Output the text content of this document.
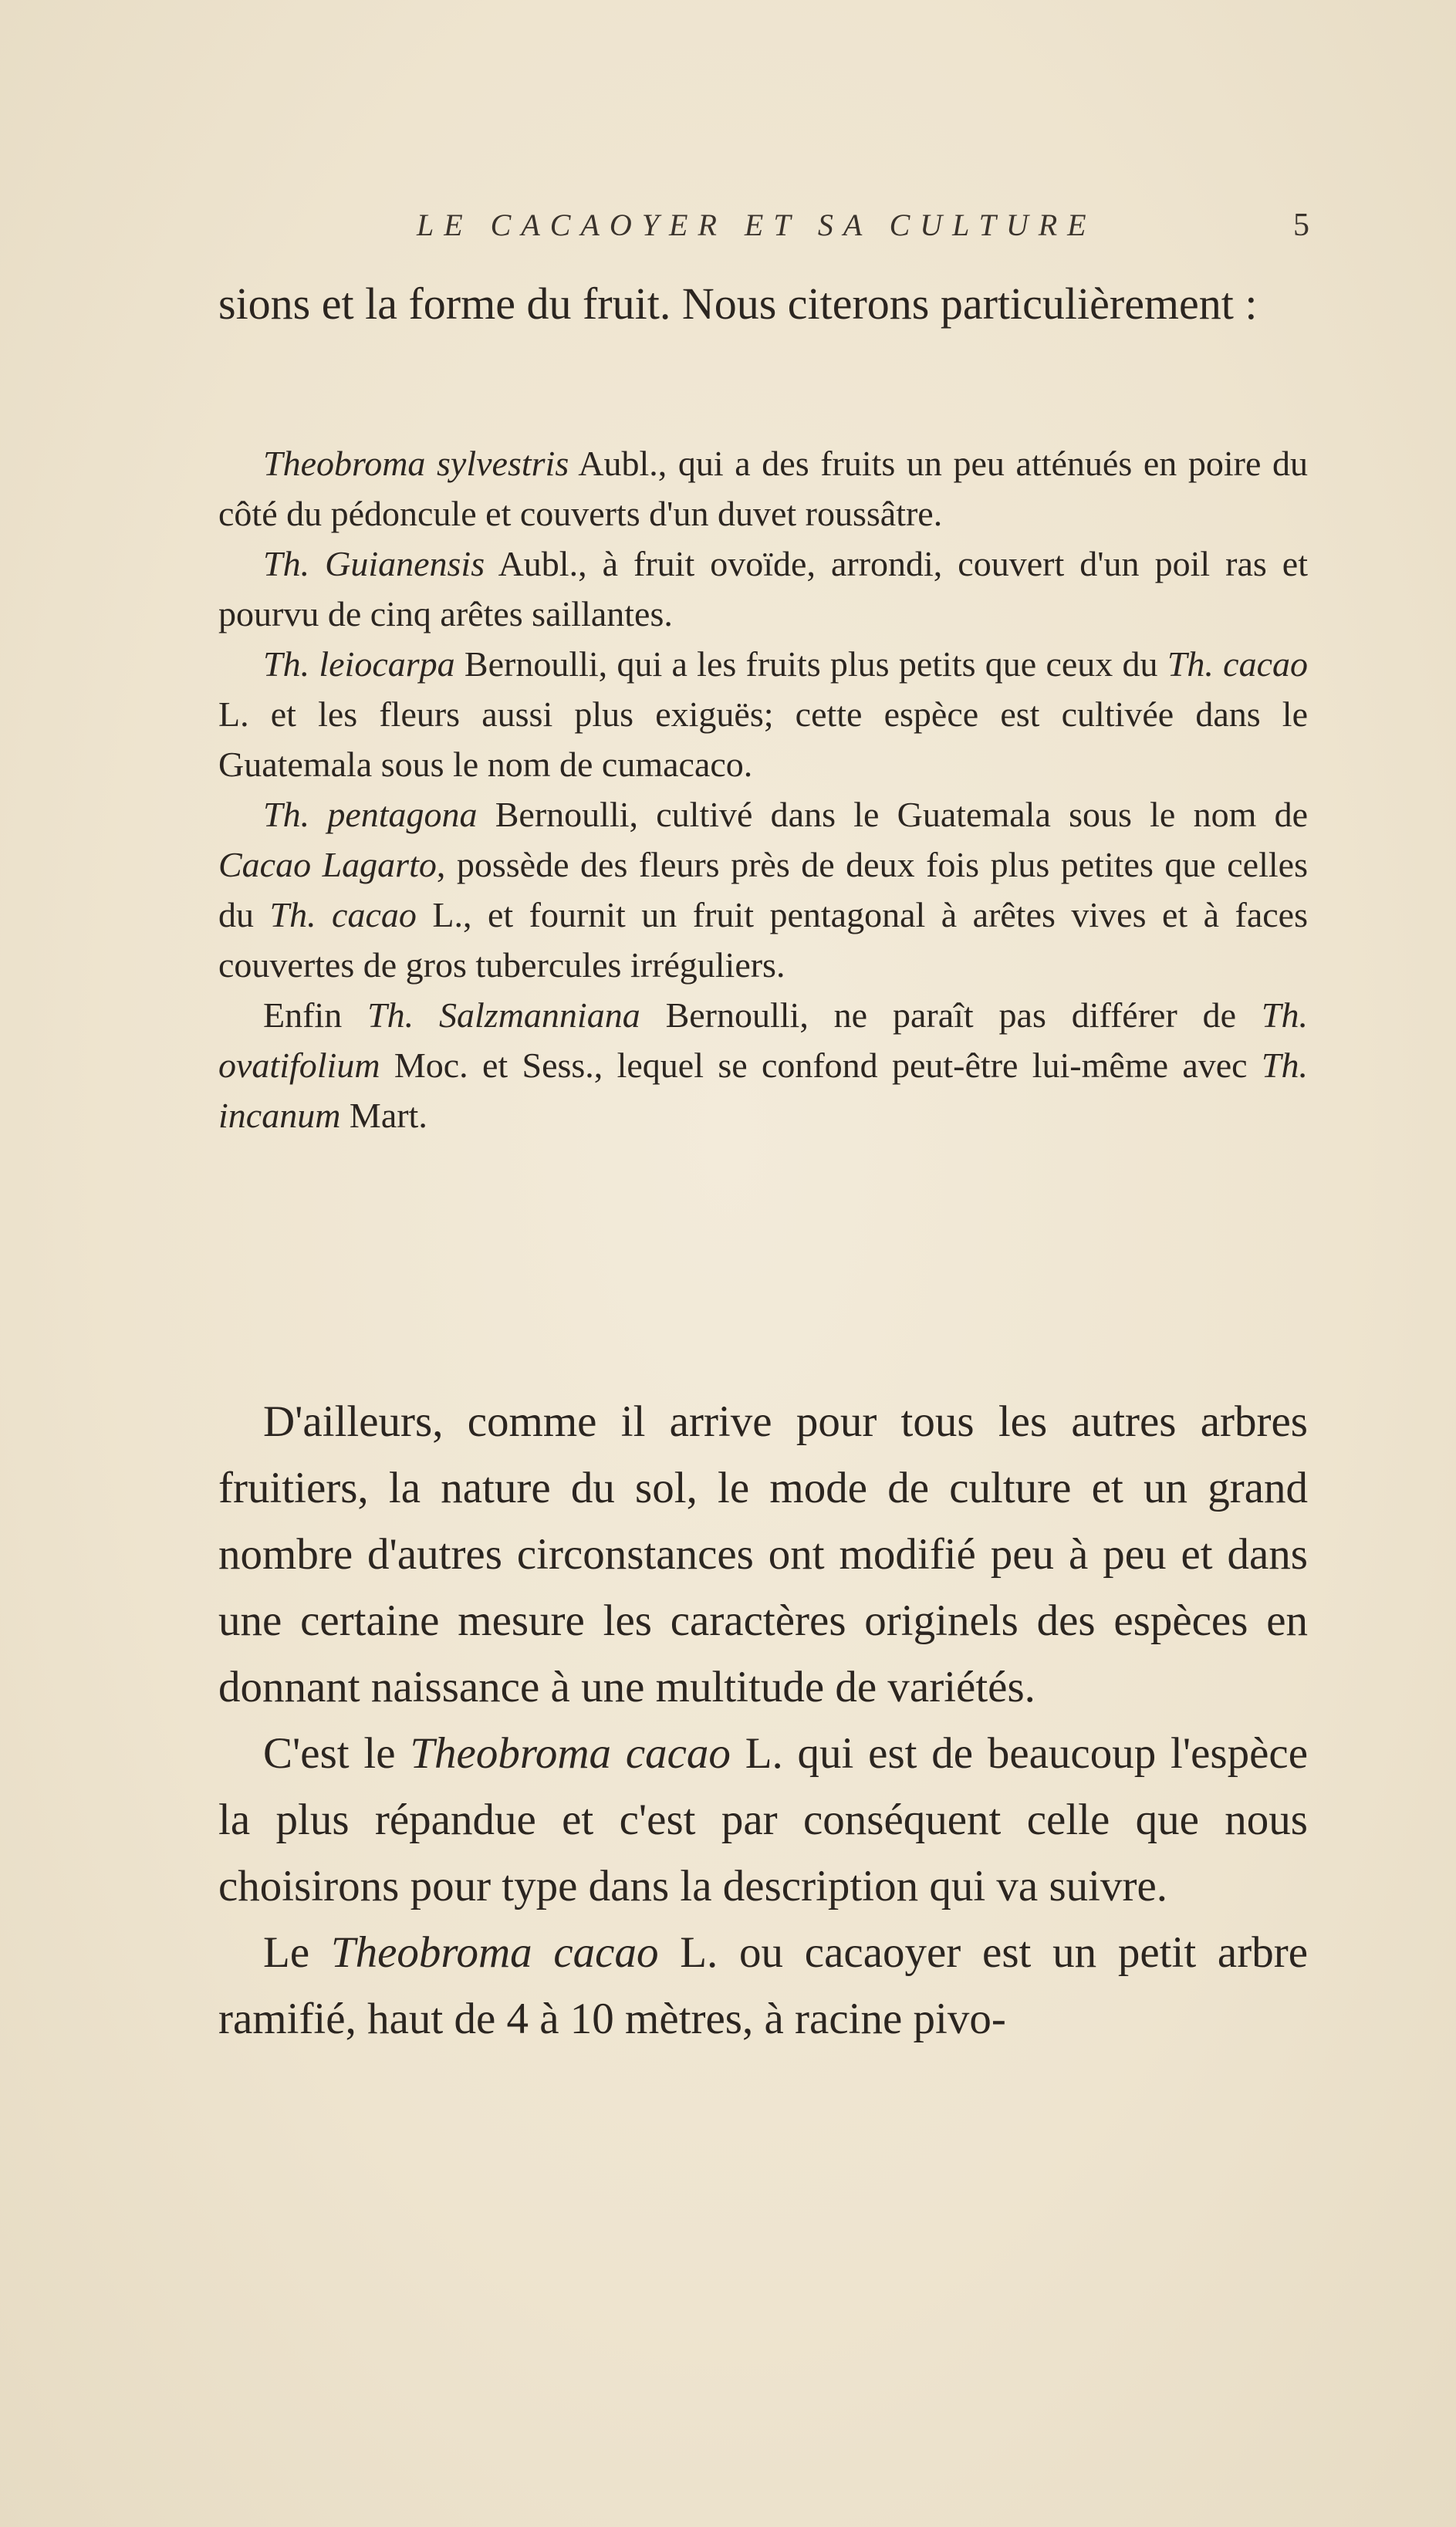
LE CACAOYER ET SA CULTURE	5

sions et la forme du fruit. Nous citerons particulièrement :

Theobroma sylvestris Aubl., qui a des fruits un peu atténués en poire du côté du pédoncule et couverts d'un duvet roussâtre.

Th. Guianensis Aubl., à fruit ovoïde, arrondi, couvert d'un poil ras et pourvu de cinq arêtes saillantes.

Th. leiocarpa Bernoulli, qui a les fruits plus petits que ceux du Th. cacao L. et les fleurs aussi plus exiguës; cette espèce est cultivée dans le Guatemala sous le nom de cumacaco.

Th. pentagona Bernoulli, cultivé dans le Guatemala sous le nom de Cacao Lagarto, possède des fleurs près de deux fois plus petites que celles du Th. cacao L., et fournit un fruit pentagonal à arêtes vives et à faces couvertes de gros tubercules irréguliers.

Enfin Th. Salzmanniana Bernoulli, ne paraît pas différer de Th. ovatifolium Moc. et Sess., lequel se confond peut-être lui-même avec Th. incanum Mart.

D'ailleurs, comme il arrive pour tous les autres arbres fruitiers, la nature du sol, le mode de culture et un grand nombre d'autres circonstances ont modifié peu à peu et dans une certaine mesure les caractères originels des espèces en donnant naissance à une multitude de variétés.

C'est le Theobroma cacao L. qui est de beaucoup l'espèce la plus répandue et c'est par conséquent celle que nous choisirons pour type dans la description qui va suivre.

Le Theobroma cacao L. ou cacaoyer est un petit arbre ramifié, haut de 4 à 10 mètres, à racine pivo-
